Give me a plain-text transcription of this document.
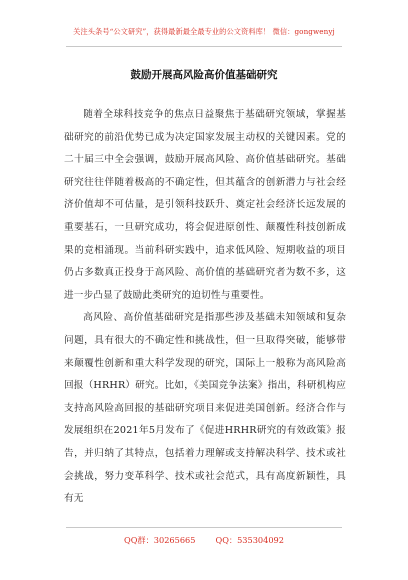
关注头条号“公文研究”，获得最新最全最专业的公文资料库！ 微信：gongwenyj
鼓励开展高风险高价值基础研究

随着全球科技竞争的焦点日益聚焦于基础研究领域，掌握基础研究的前沿优势已成为决定国家发展主动权的关键因素。党的二十届三中全会强调，鼓励开展高风险、高价值基础研究。基础研究往往伴随着极高的不确定性，但其蕴含的创新潜力与社会经济价值却不可估量，是引领科技跃升、奠定社会经济长远发展的重要基石，一旦研究成功，将会促进原创性、颠覆性科技创新成果的竞相涌现。当前科研实践中，追求低风险、短期收益的项目仍占多数真正投身于高风险、高价值的基础研究者为数不多，这进一步凸显了鼓励此类研究的迫切性与重要性。

高风险、高价值基础研究是指那些涉及基础未知领域和复杂问题，具有很大的不确定性和挑战性，但一旦取得突破，能够带来颠覆性创新和重大科学发现的研究，国际上一般称为高风险高回报（HRHR）研究。比如，《美国竞争法案》指出，科研机构应支持高风险高回报的基础研究项目来促进美国创新。经济合作与发展组织在2021年5月发布了《促进HRHR研究的有效政策》报告，并归纳了其特点，包括着力理解或支持解决科学、技术或社会挑战，努力变革科学、技术或社会范式，具有高度新颖性，具有无

QQ群：30265665 QQ：535304092
